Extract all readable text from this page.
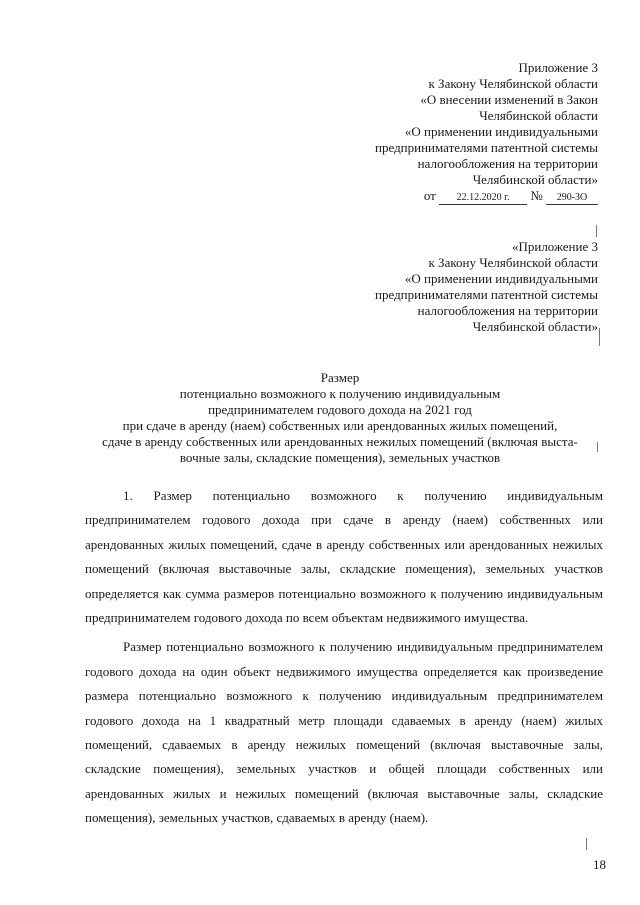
Приложение 3
к Закону Челябинской области
«О внесении изменений в Закон
Челябинской области
«О применении индивидуальными
предпринимателями патентной системы
налогообложения на территории
Челябинской области»
от 22.12.2020 г. № 290-ЗО
«Приложение 3
к Закону Челябинской области
«О применении индивидуальными
предпринимателями патентной системы
налогообложения на территории
Челябинской области»
Размер
потенциально возможного к получению индивидуальным
предпринимателем годового дохода на 2021 год
при сдаче в аренду (наем) собственных или арендованных жилых помещений,
сдаче в аренду собственных или арендованных нежилых помещений (включая выста-
вочные залы, складские помещения), земельных участков

1. Размер потенциально возможного к получению индивидуальным предпринимателем годового дохода при сдаче в аренду (наем) собственных или арендованных жилых помещений, сдаче в аренду собственных или арендованных нежилых помещений (включая выставочные залы, складские помещения), земельных участков определяется как сумма размеров потенциально возможного к получению индивидуальным предпринимателем годового дохода по всем объектам недвижимого имущества.

Размер потенциально возможного к получению индивидуальным предпринимателем годового дохода на один объект недвижимого имущества определяется как произведение размера потенциально возможного к получению индивидуальным предпринимателем годового дохода на 1 квадратный метр площади сдаваемых в аренду (наем) жилых помещений, сдаваемых в аренду нежилых помещений (включая выставочные залы, складские помещения), земельных участков и общей площади собственных или арендованных жилых и нежилых помещений (включая выставочные залы, складские помещения), земельных участков, сдаваемых в аренду (наем).

18
